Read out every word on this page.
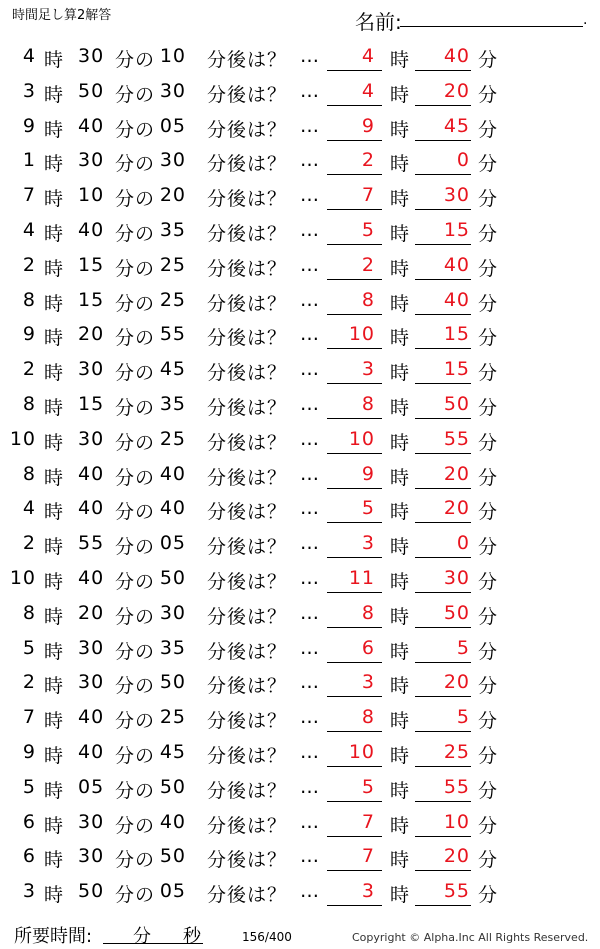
時間足し算2解答	名前:	.
4 時 30 分の 10 分後は？ … 4 時 40 分
3 時 50 分の 30 分後は？ … 4 時 20 分
9 時 40 分の 05 分後は？ … 9 時 45 分
1 時 30 分の 30 分後は？ … 2 時 0 分
7 時 10 分の 20 分後は？ … 7 時 30 分
4 時 40 分の 35 分後は？ … 5 時 15 分
2 時 15 分の 25 分後は？ … 2 時 40 分
8 時 15 分の 25 分後は？ … 8 時 40 分
9 時 20 分の 55 分後は？ … 10 時 15 分
2 時 30 分の 45 分後は？ … 3 時 15 分
8 時 15 分の 35 分後は？ … 8 時 50 分
10 時 30 分の 25 分後は？ … 10 時 55 分
8 時 40 分の 40 分後は？ … 9 時 20 分
4 時 40 分の 40 分後は？ … 5 時 20 分
2 時 55 分の 05 分後は？ … 3 時 0 分
10 時 40 分の 50 分後は？ … 11 時 30 分
8 時 20 分の 30 分後は？ … 8 時 50 分
5 時 30 分の 35 分後は？ … 6 時 5 分
2 時 30 分の 50 分後は？ … 3 時 20 分
7 時 40 分の 25 分後は？ … 8 時 5 分
9 時 40 分の 45 分後は？ … 10 時 25 分
5 時 05 分の 50 分後は？ … 5 時 55 分
6 時 30 分の 40 分後は？ … 7 時 10 分
6 時 30 分の 50 分後は？ … 7 時 20 分
3 時 50 分の 05 分後は？ … 3 時 55 分
所要時間: 分 秒	156/400	Copyright © Alpha.Inc All Rights Reserved.
